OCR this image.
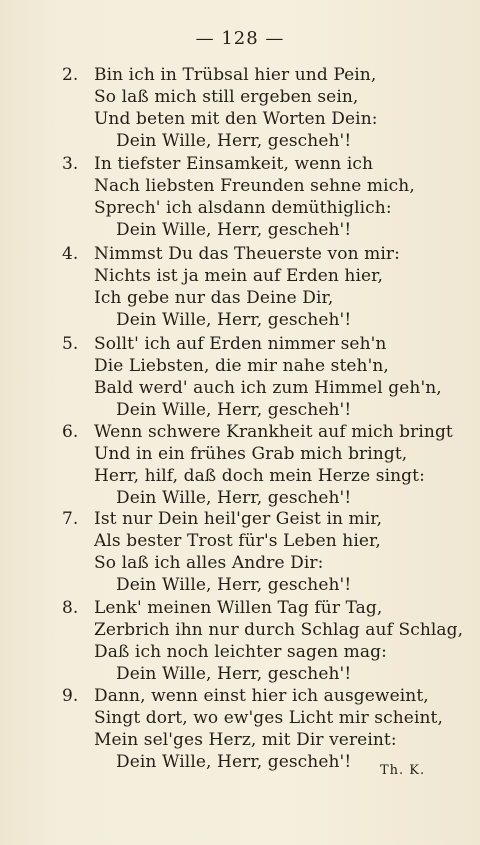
— 128 —
2. Bin ich in Trübsal hier und Pein,
So laß mich still ergeben sein,
Und beten mit den Worten Dein:
Dein Wille, Herr, gescheh'!
3. In tiefster Einsamkeit, wenn ich
Nach liebsten Freunden sehne mich,
Sprech' ich alsdann demüthiglich:
Dein Wille, Herr, gescheh'!
4. Nimmst Du das Theuerste von mir:
Nichts ist ja mein auf Erden hier,
Ich gebe nur das Deine Dir,
Dein Wille, Herr, gescheh'!
5. Sollt' ich auf Erden nimmer seh'n
Die Liebsten, die mir nahe steh'n,
Bald werd' auch ich zum Himmel geh'n,
Dein Wille, Herr, gescheh'!
6. Wenn schwere Krankheit auf mich bringt
Und in ein frühes Grab mich bringt,
Herr, hilf, daß doch mein Herze singt:
Dein Wille, Herr, gescheh'!
7. Ist nur Dein heil'ger Geist in mir,
Als bester Trost für's Leben hier,
So laß ich alles Andre Dir:
Dein Wille, Herr, gescheh'!
8. Lenk' meinen Willen Tag für Tag,
Zerbrich ihn nur durch Schlag auf Schlag,
Daß ich noch leichter sagen mag:
Dein Wille, Herr, gescheh'!
9. Dann, wenn einst hier ich ausgeweint,
Singt dort, wo ew'ges Licht mir scheint,
Mein sel'ges Herz, mit Dir vereint:
Dein Wille, Herr, gescheh'!	Th. K.
